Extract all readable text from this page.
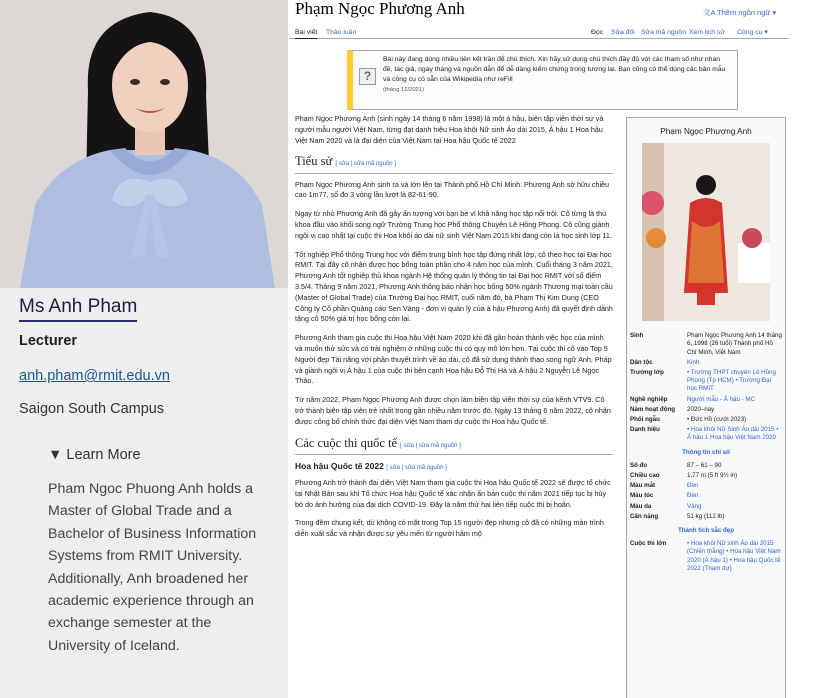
Ms Anh Pham
Lecturer
anh.pham@rmit.edu.vn
Saigon South Campus
▼ Learn More
Pham Ngoc Phuong Anh holds a Master of Global Trade and a Bachelor of Business Information Systems from RMIT University. Additionally, Anh broadened her academic experience through an exchange semester at the University of Iceland.
Phạm Ngọc Phương Anh	文A Thêm ngôn ngữ ▾
Bài viết Thảo luận	Đọc Sửa đổi Sửa mã nguồn Xem lịch sử Công cụ ▾
?
Bài này đang dùng nhiều liên kết trần để chú thích. Xin hãy sử dụng chú thích đầy đủ với các tham số như nhan đề, tác giả, ngày tháng và nguồn dẫn để dễ dàng kiểm chứng trong tương lai. Bạn cũng có thể dùng các bản mẫu và công cụ có sẵn của Wikipedia như reFill
(tháng 12/2021)

Phạm Ngọc Phương Anh (sinh ngày 14 tháng 6 năm 1998) là một á hậu, biên tập viên thời sự và người mẫu người Việt Nam, từng đạt danh hiệu Hoa khôi Nữ sinh Áo dài 2015, Á hậu 1 Hoa hậu Việt Nam 2020 và là đại diện của Việt Nam tại Hoa hậu Quốc tế 2022

Tiểu sử [ sửa | sửa mã nguồn ]

Phạm Ngọc Phương Anh sinh ra và lớn lên tại Thành phố Hồ Chí Minh. Phương Anh sở hữu chiều cao 1m77, số đo 3 vòng lần lượt là 82-61-90.

Ngay từ nhỏ Phương Anh đã gây ấn tượng với bạn bè vì khả năng học tập nổi trội. Cô từng là thủ khoa đầu vào khối song ngữ Trường Trung học Phổ thông Chuyên Lê Hồng Phong. Cô cũng giành ngôi vị cao nhất tại cuộc thi Hoa khôi áo dài nữ sinh Việt Nam 2015 khi đang còn là học sinh lớp 11.

Tốt nghiệp Phổ thông Trung học với điểm trung bình học tập đứng nhất lớp, cô theo học tại Đại học RMIT. Tại đây cô nhận được học bổng toàn phần cho 4 năm học của mình. Cuối tháng 3 năm 2021, Phương Anh tốt nghiệp thủ khoa ngành Hệ thống quản lý thông tin tại Đại học RMIT với số điểm 3.5/4. Tháng 9 năm 2021, Phương Anh thông báo nhận học bổng 50% ngành Thương mại toàn cầu (Master of Global Trade) của Trường Đại học RMIT, cuối năm đó, bà Phạm Thị Kim Dung (CEO Công ty Cổ phần Quảng cáo Sen Vàng - đơn vị quản lý của á hậu Phương Anh) đã quyết định dành tặng cô 50% giá trị học bổng còn lại.

Phương Anh tham gia cuộc thi Hoa hậu Việt Nam 2020 khi đã gần hoàn thành việc học của mình và muốn thử sức và có trải nghiệm ở những cuộc thi có quy mô lớn hơn. Tại cuộc thi cô vào Top 5 Người đẹp Tài năng với phần thuyết trình về áo dài, cô đã sử dụng thành thạo song ngữ Anh, Pháp và giành ngôi vị Á hậu 1 của cuộc thi bên cạnh Hoa hậu Đỗ Thị Hà và Á hậu 2 Nguyễn Lê Ngọc Thảo.

Từ năm 2022, Phạm Ngọc Phương Anh được chọn làm biên tập viên thời sự của kênh VTV9. Cô trở thành biên tập viên trẻ nhất trong gần nhiều năm trước đó. Ngày 13 tháng 6 năm 2022, cô nhận được công bố chính thức đại diện Việt Nam tham dự cuộc thi Hoa hậu Quốc tế.

Các cuộc thi quốc tế [ sửa | sửa mã nguồn ]
Hoa hậu Quốc tế 2022 [ sửa | sửa mã nguồn ]

Phương Anh trở thành đại diện Việt Nam tham gia cuộc thi Hoa hậu Quốc tế 2022 sẽ được tổ chức tại Nhật Bản sau khi Tổ chức Hoa hậu Quốc tế xác nhận ấn bản cuộc thi năm 2021 tiếp tục bị hủy bỏ do ảnh hưởng của đại dịch COVID-19. Đây là năm thứ hai liên tiếp cuộc thi bị hoãn.

Trong đêm chung kết, dù không có mặt trong Top 15 người đẹp nhưng cô đã có những màn trình diễn xuất sắc và nhận được sự yêu mến từ người hâm mộ

Phạm Ngọc Phương Anh
Sinh	Phạm Ngọc Phương Anh 14 tháng 6, 1998 (26 tuổi) Thành phố Hồ Chí Minh, Việt Nam
Dân tộc	Kinh
Trường lớp	• Trường THPT chuyên Lê Hồng Phong (Tp HCM) • Trường Đại học RMIT
Nghề nghiệp	Người mẫu - Á hậu - MC
Năm hoạt động	2020–nay
Phối ngẫu	• Đức Hồ (cưới 2023)
Danh hiệu	• Hoa khôi Nữ Sinh Áo dài 2015 • Á hậu 1 Hoa hậu Việt Nam 2020
Thông tin chỉ số
Số đo	87 – 61 – 90
Chiều cao	1,77 m (5 ft 9½ in)
Màu mắt	Đen
Màu tóc	Đen
Màu da	Vàng
Cân nặng	51 kg (112 lb)
Thành tích sắc đẹp
Cuộc thi lớn	• Hoa khôi Nữ sinh Áo dài 2015 (Chiến thắng) • Hoa hậu Việt Nam 2020 (Á hậu 1) • Hoa hậu Quốc tế 2022 (Tham dự)
